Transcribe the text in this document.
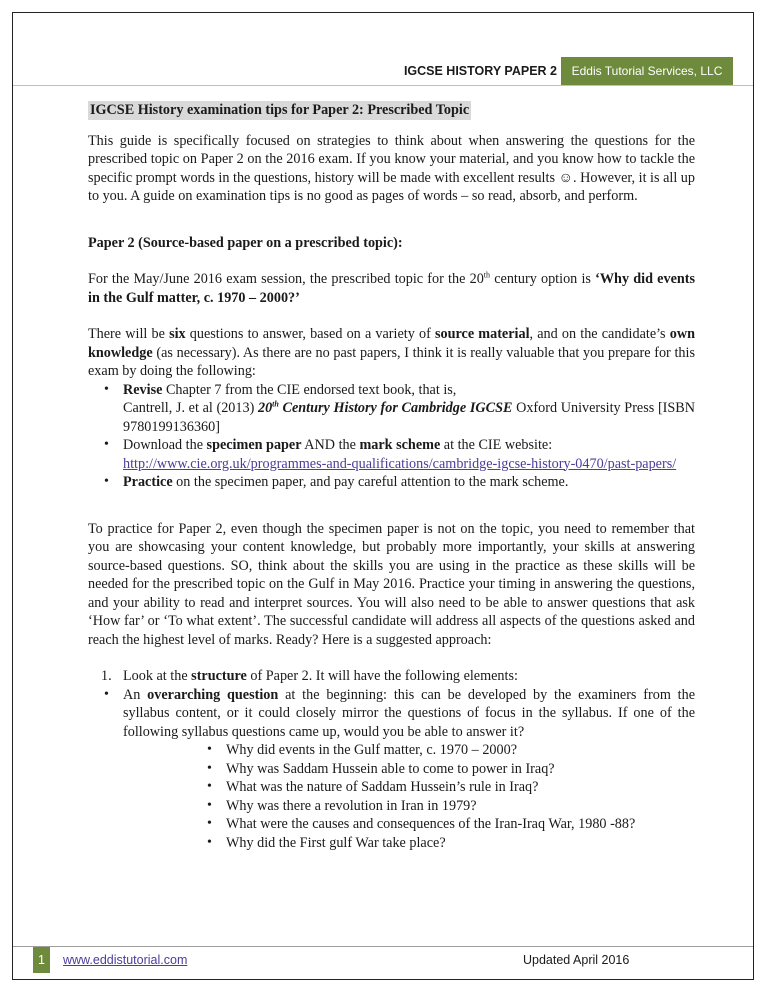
IGCSE HISTORY PAPER 2	Eddis Tutorial Services, LLC

IGCSE History examination tips for Paper 2: Prescribed Topic

This guide is specifically focused on strategies to think about when answering the questions for the prescribed topic on Paper 2 on the 2016 exam. If you know your material, and you know how to tackle the specific prompt words in the questions, history will be made with excellent results ☺. However, it is all up to you. A guide on examination tips is no good as pages of words – so read, absorb, and perform.

Paper 2 (Source-based paper on a prescribed topic):

For the May/June 2016 exam session, the prescribed topic for the 20th century option is ‘Why did events in the Gulf matter, c. 1970 – 2000?’

There will be six questions to answer, based on a variety of source material, and on the candidate’s own knowledge (as necessary). As there are no past papers, I think it is really valuable that you prepare for this exam by doing the following:

• Revise Chapter 7 from the CIE endorsed text book, that is,

Cantrell, J. et al (2013) 20th Century History for Cambridge IGCSE Oxford University Press [ISBN 9780199136360]

• Download the specimen paper AND the mark scheme at the CIE website:

http://www.cie.org.uk/programmes-and-qualifications/cambridge-igcse-history-0470/past-papers/

• Practice on the specimen paper, and pay careful attention to the mark scheme.

To practice for Paper 2, even though the specimen paper is not on the topic, you need to remember that you are showcasing your content knowledge, but probably more importantly, your skills at answering source-based questions. SO, think about the skills you are using in the practice as these skills will be needed for the prescribed topic on the Gulf in May 2016. Practice your timing in answering the questions, and your ability to read and interpret sources. You will also need to be able to answer questions that ask ‘How far’ or ‘To what extent’. The successful candidate will address all aspects of the questions asked and reach the highest level of marks. Ready? Here is a suggested approach:

1. Look at the structure of Paper 2. It will have the following elements:

• An overarching question at the beginning: this can be developed by the examiners from the syllabus content, or it could closely mirror the questions of focus in the syllabus. If one of the following syllabus questions came up, would you be able to answer it?

• Why did events in the Gulf matter, c. 1970 – 2000?
• Why was Saddam Hussein able to come to power in Iraq?
• What was the nature of Saddam Hussein’s rule in Iraq?
• Why was there a revolution in Iran in 1979?
• What were the causes and consequences of the Iran-Iraq War, 1980 -88?
• Why did the First gulf War take place?
1	www.eddistutorial.com	Updated April 2016
